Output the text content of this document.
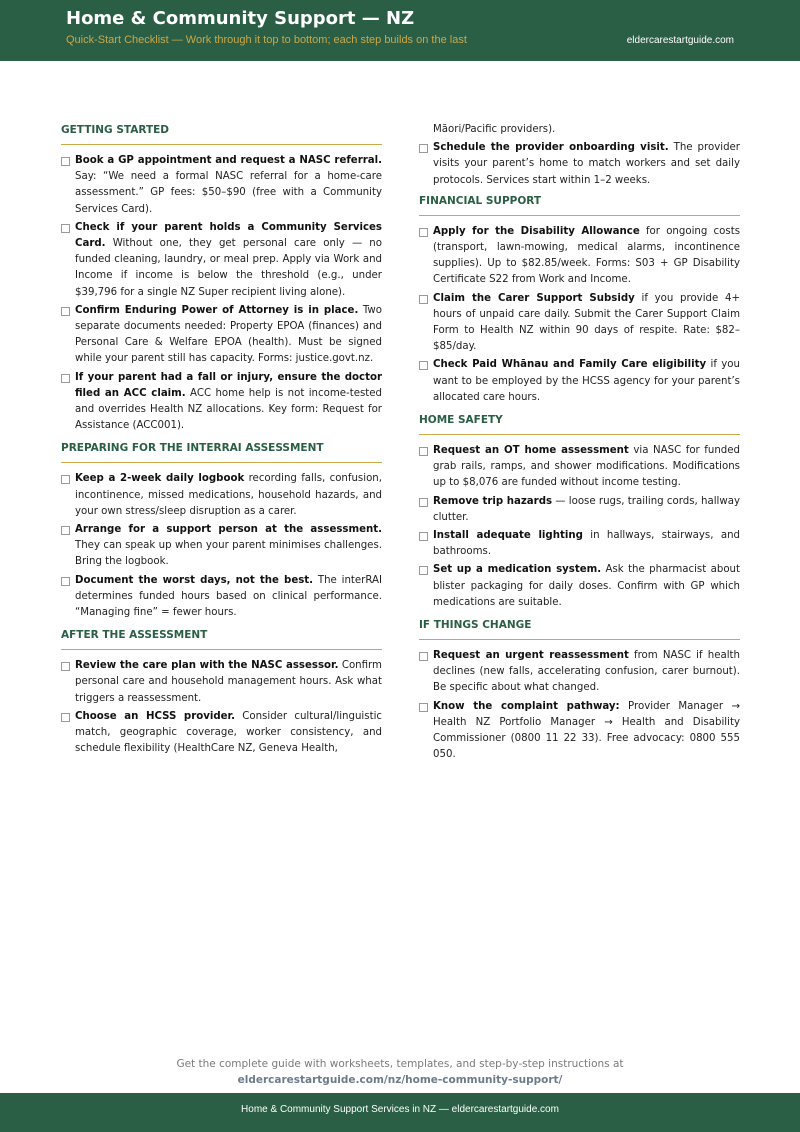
Home & Community Support — NZ
Quick-Start Checklist — Work through it top to bottom; each step builds on the last	eldercarestartguide.com
GETTING STARTED
Book a GP appointment and request a NASC referral. Say: “We need a formal NASC referral for a home-care assessment.” GP fees: $50–$90 (free with a Community Services Card).
Check if your parent holds a Community Services Card. Without one, they get personal care only — no funded cleaning, laundry, or meal prep. Apply via Work and Income if income is below the threshold (e.g., under $39,796 for a single NZ Super recipient living alone).
Confirm Enduring Power of Attorney is in place. Two separate documents needed: Property EPOA (finances) and Personal Care & Welfare EPOA (health). Must be signed while your parent still has capacity. Forms: justice.govt.nz.
If your parent had a fall or injury, ensure the doctor filed an ACC claim. ACC home help is not income-tested and overrides Health NZ allocations. Key form: Request for Assistance (ACC001).
PREPARING FOR THE INTERRAI ASSESSMENT
Keep a 2-week daily logbook recording falls, confusion, incontinence, missed medications, household hazards, and your own stress/sleep disruption as a carer.
Arrange for a support person at the assessment. They can speak up when your parent minimises challenges. Bring the logbook.
Document the worst days, not the best. The interRAI determines funded hours based on clinical performance. “Managing fine” = fewer hours.
AFTER THE ASSESSMENT
Review the care plan with the NASC assessor. Confirm personal care and household management hours. Ask what triggers a reassessment.
Choose an HCSS provider. Consider cultural/linguistic match, geographic coverage, worker consistency, and schedule flexibility (HealthCare NZ, Geneva Health,
Māori/Pacific providers).
Schedule the provider onboarding visit. The provider visits your parent’s home to match workers and set daily protocols. Services start within 1–2 weeks.
FINANCIAL SUPPORT
Apply for the Disability Allowance for ongoing costs (transport, lawn-mowing, medical alarms, incontinence supplies). Up to $82.85/week. Forms: S03 + GP Disability Certificate S22 from Work and Income.
Claim the Carer Support Subsidy if you provide 4+ hours of unpaid care daily. Submit the Carer Support Claim Form to Health NZ within 90 days of respite. Rate: $82–$85/day.
Check Paid Whānau and Family Care eligibility if you want to be employed by the HCSS agency for your parent’s allocated care hours.
HOME SAFETY
Request an OT home assessment via NASC for funded grab rails, ramps, and shower modifications. Modifications up to $8,076 are funded without income testing.
Remove trip hazards — loose rugs, trailing cords, hallway clutter.
Install adequate lighting in hallways, stairways, and bathrooms.
Set up a medication system. Ask the pharmacist about blister packaging for daily doses. Confirm with GP which medications are suitable.
IF THINGS CHANGE
Request an urgent reassessment from NASC if health declines (new falls, accelerating confusion, carer burnout). Be specific about what changed.
Know the complaint pathway: Provider Manager → Health NZ Portfolio Manager → Health and Disability Commissioner (0800 11 22 33). Free advocacy: 0800 555 050.
Get the complete guide with worksheets, templates, and step-by-step instructions at
eldercarestartguide.com/nz/home-community-support/
Home & Community Support Services in NZ — eldercarestartguide.com
